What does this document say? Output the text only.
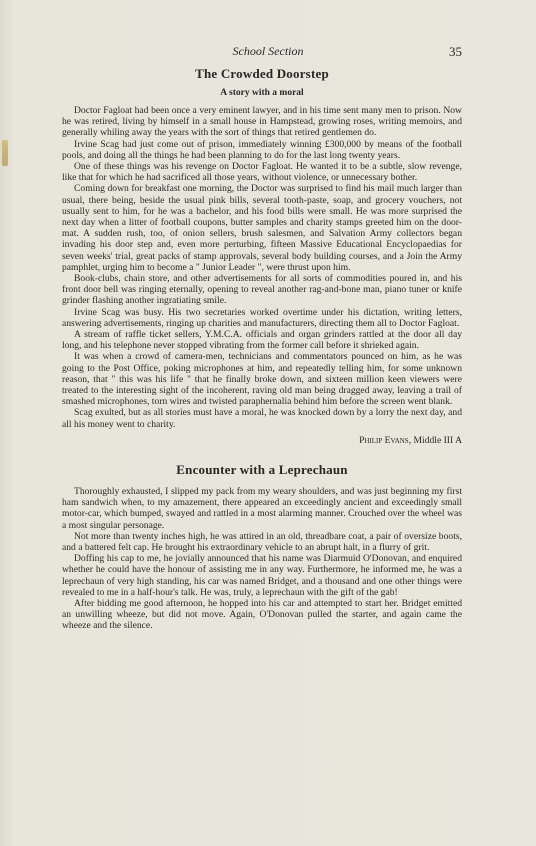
School Section	35
The Crowded Doorstep
A story with a moral

Doctor Fagloat had been once a very eminent lawyer, and in his time sent many men to prison. Now he was retired, living by himself in a small house in Hampstead, growing roses, writing memoirs, and generally whiling away the years with the sort of things that retired gentlemen do.

Irvine Scag had just come out of prison, immediately winning £300,000 by means of the football pools, and doing all the things he had been planning to do for the last long twenty years.

One of these things was his revenge on Doctor Fagloat. He wanted it to be a subtle, slow revenge, like that for which he had sacrificed all those years, without violence, or unnecessary bother.

Coming down for breakfast one morning, the Doctor was surprised to find his mail much larger than usual, there being, beside the usual pink bills, several tooth-paste, soap, and grocery vouchers, not usually sent to him, for he was a bachelor, and his food bills were small. He was more surprised the next day when a litter of football coupons, butter samples and charity stamps greeted him on the door-mat. A sudden rush, too, of onion sellers, brush salesmen, and Salvation Army collectors began invading his door step and, even more perturbing, fifteen Massive Educational Encyclopaedias for seven weeks' trial, great packs of stamp approvals, several body building courses, and a Join the Army pamphlet, urging him to become a " Junior Leader ", were thrust upon him.

Book-clubs, chain store, and other advertisements for all sorts of commodities poured in, and his front door bell was ringing eternally, opening to reveal another rag-and-bone man, piano tuner or knife grinder flashing another ingratiating smile.

Irvine Scag was busy. His two secretaries worked overtime under his dictation, writing letters, answering advertisements, ringing up charities and manufacturers, directing them all to Doctor Fagloat.

A stream of raffle ticket sellers, Y.M.C.A. officials and organ grinders rattled at the door all day long, and his telephone never stopped vibrating from the former call before it shrieked again.

It was when a crowd of camera-men, technicians and commentators pounced on him, as he was going to the Post Office, poking microphones at him, and repeatedly telling him, for some unknown reason, that " this was his life " that he finally broke down, and sixteen million keen viewers were treated to the interesting sight of the incoherent, raving old man being dragged away, leaving a trail of smashed microphones, torn wires and twisted paraphernalia behind him before the screen went blank.

Scag exulted, but as all stories must have a moral, he was knocked down by a lorry the next day, and all his money went to charity.

Philip Evans, Middle III A
Encounter with a Leprechaun

Thoroughly exhausted, I slipped my pack from my weary shoulders, and was just beginning my first ham sandwich when, to my amazement, there appeared an exceedingly ancient and exceedingly small motor-car, which bumped, swayed and rattled in a most alarming manner. Crouched over the wheel was a most singular personage.

Not more than twenty inches high, he was attired in an old, threadbare coat, a pair of oversize boots, and a battered felt cap. He brought his extraordinary vehicle to an abrupt halt, in a flurry of grit.

Doffing his cap to me, he jovially announced that his name was Diarmuid O'Donovan, and enquired whether he could have the honour of assisting me in any way. Furthermore, he informed me, he was a leprechaun of very high standing, his car was named Bridget, and a thousand and one other things were revealed to me in a half-hour's talk. He was, truly, a leprechaun with the gift of the gab!

After bidding me good afternoon, he hopped into his car and attempted to start her. Bridget emitted an unwilling wheeze, but did not move. Again, O'Donovan pulled the starter, and again came the wheeze and the silence.
